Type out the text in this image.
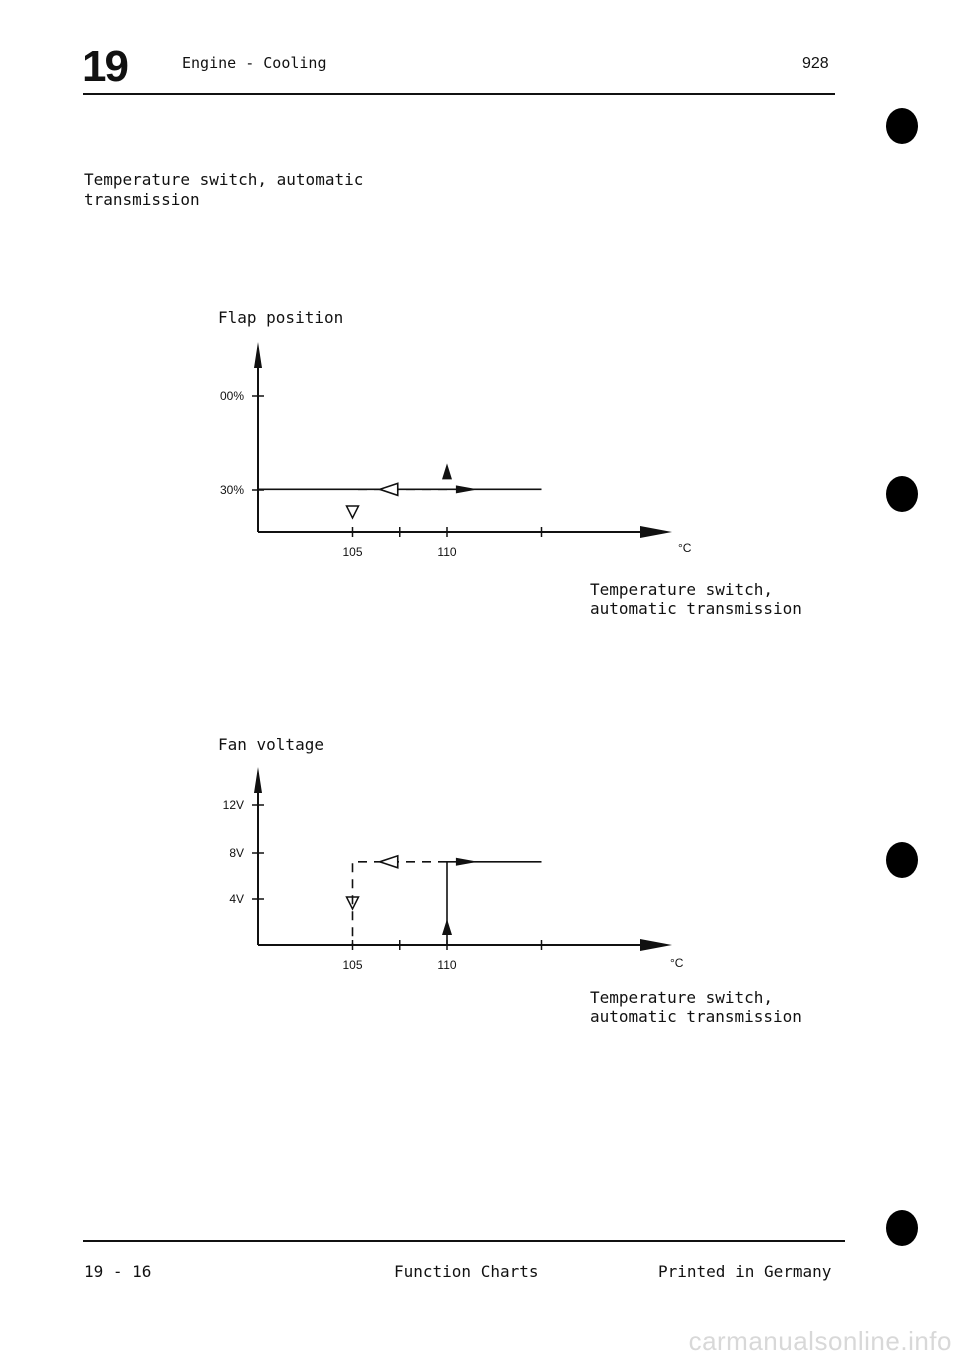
19	Engine - Cooling	928
Temperature switch, automatic transmission
Flap position
00%
30%
105	110	°C
Temperature switch, automatic transmission
Fan voltage
12V
8V
4V
105	110	°C
Temperature switch, automatic transmission
19 - 16	Function Charts	Printed in Germany
carmanualsonline.info
